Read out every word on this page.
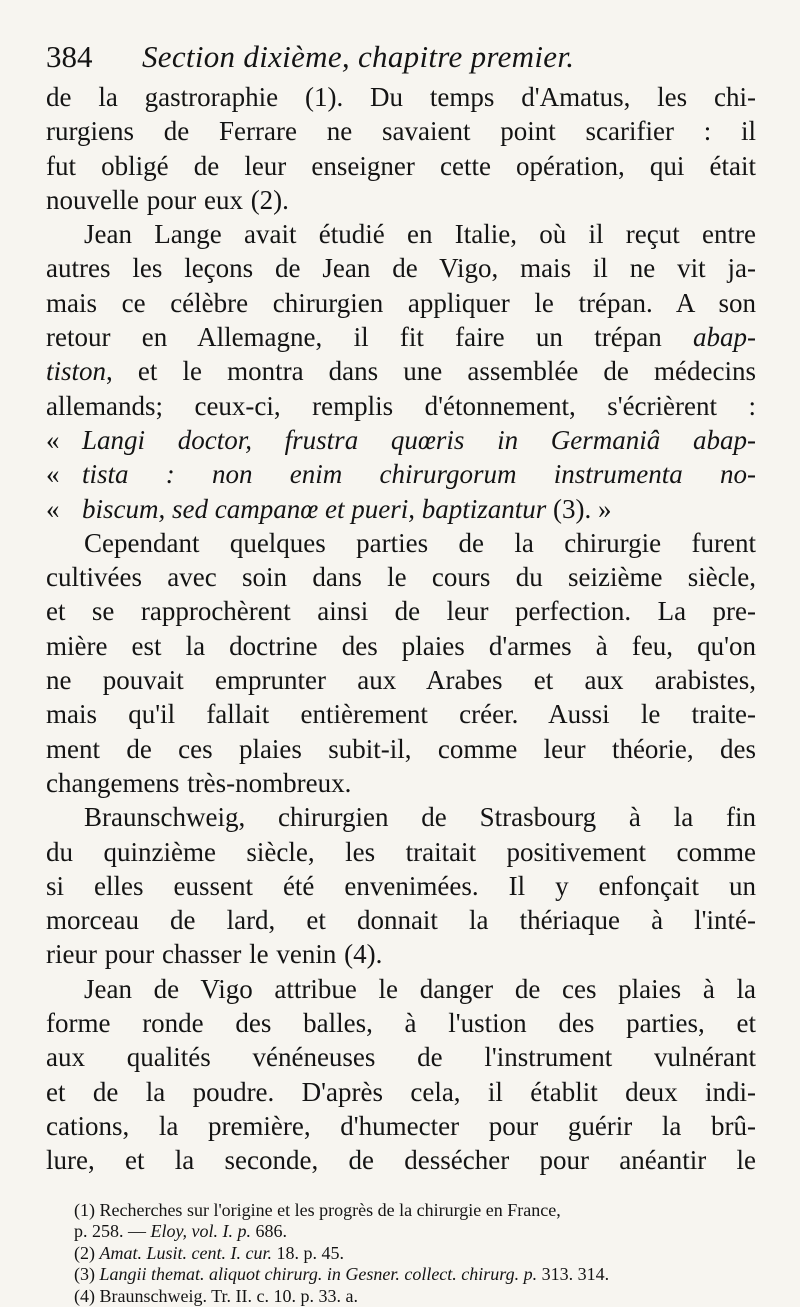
384	Section dixième, chapitre premier.

de la gastroraphie (1). Du temps d'Amatus, les chi-

rurgiens de Ferrare ne savaient point scarifier : il

fut obligé de leur enseigner cette opération, qui était

nouvelle pour eux (2).

Jean Lange avait étudié en Italie, où il reçut entre

autres les leçons de Jean de Vigo, mais il ne vit ja-

mais ce célèbre chirurgien appliquer le trépan. A son

retour en Allemagne, il fit faire un trépan abap-

tiston, et le montra dans une assemblée de médecins

allemands; ceux-ci, remplis d'étonnement, s'écrièrent :

« Langi doctor, frustra quœris in Germaniâ abap-

« tista : non enim chirurgorum instrumenta no-

« biscum, sed campanœ et pueri, baptizantur (3). »

Cependant quelques parties de la chirurgie furent

cultivées avec soin dans le cours du seizième siècle,

et se rapprochèrent ainsi de leur perfection. La pre-

mière est la doctrine des plaies d'armes à feu, qu'on

ne pouvait emprunter aux Arabes et aux arabistes,

mais qu'il fallait entièrement créer. Aussi le traite-

ment de ces plaies subit-il, comme leur théorie, des

changemens très-nombreux.

Braunschweig, chirurgien de Strasbourg à la fin

du quinzième siècle, les traitait positivement comme

si elles eussent été envenimées. Il y enfonçait un

morceau de lard, et donnait la thériaque à l'inté-

rieur pour chasser le venin (4).

Jean de Vigo attribue le danger de ces plaies à la

forme ronde des balles, à l'ustion des parties, et

aux qualités vénéneuses de l'instrument vulnérant

et de la poudre. D'après cela, il établit deux indi-

cations, la première, d'humecter pour guérir la brû-

lure, et la seconde, de dessécher pour anéantir le

(1) Recherches sur l'origine et les progrès de la chirurgie en France,

p. 258. — Eloy, vol. I. p. 686.

(2) Amat. Lusit. cent. I. cur. 18. p. 45.

(3) Langii themat. aliquot chirurg. in Gesner. collect. chirurg. p. 313. 314.

(4) Braunschweig. Tr. II. c. 10. p. 33. a.
